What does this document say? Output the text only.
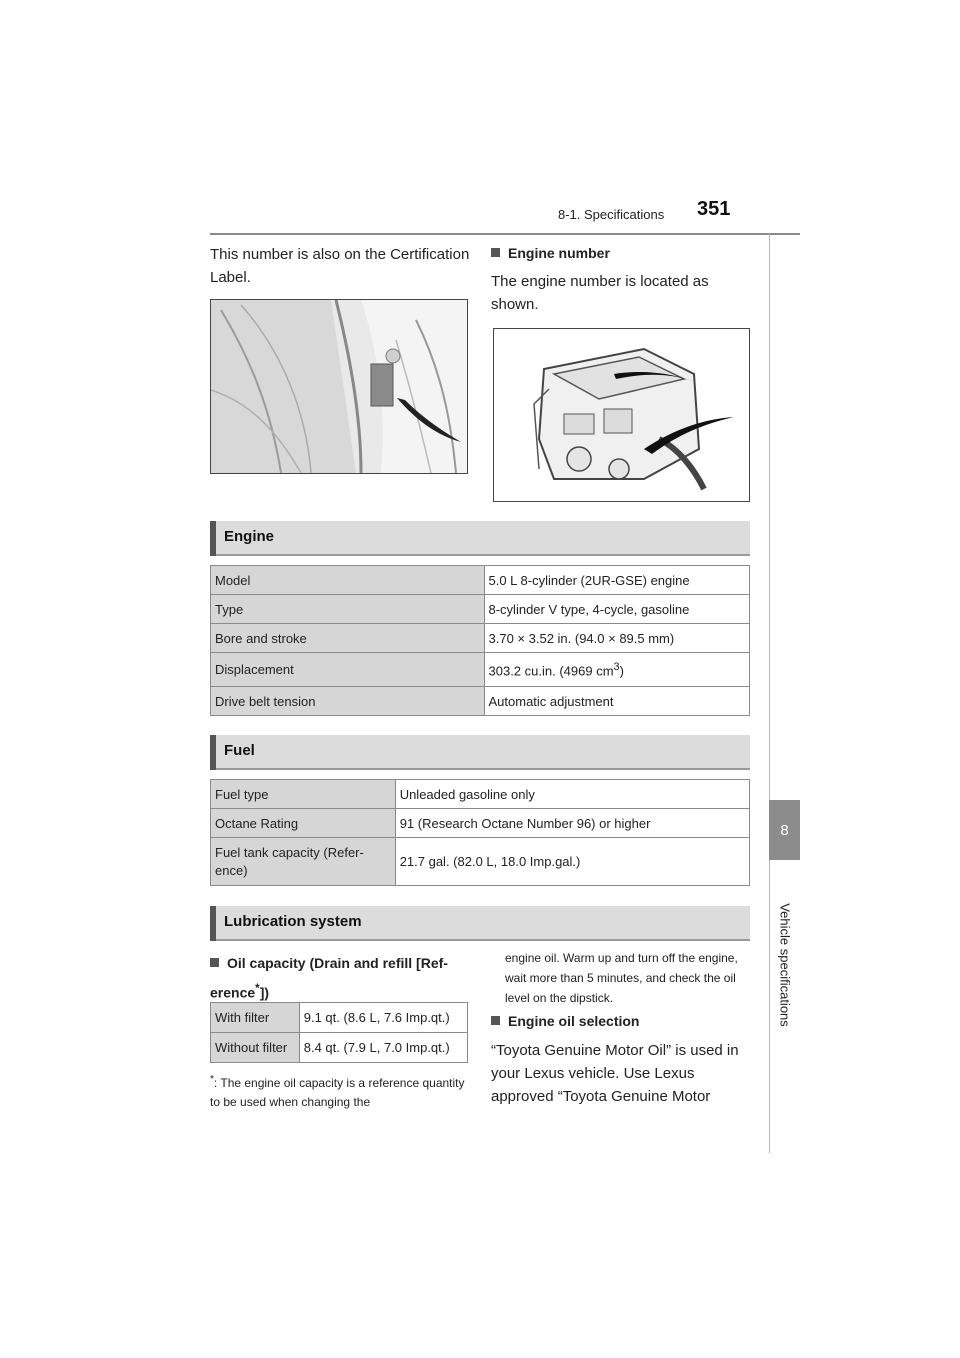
8-1. Specifications 351
8
Vehicle specifications
This number is also on the Certification Label.
Engine number
The engine number is located as shown.
Engine
Model	5.0 L 8-cylinder (2UR-GSE) engine
Type	8-cylinder V type, 4-cycle, gasoline
Bore and stroke	3.70 × 3.52 in. (94.0 × 89.5 mm)
Displacement	303.2 cu.in. (4969 $cm^3$)
Drive belt tension	Automatic adjustment
Fuel
Fuel type	Unleaded gasoline only
Octane Rating	91 (Research Octane Number 96) or higher
Fuel tank capacity (Refer-ence)	21.7 gal. (82.0 L, 18.0 Imp.gal.)
Lubrication system
Oil capacity (Drain and refill [Ref-erence*])
With filter	9.1 qt. (8.6 L, 7.6 Imp.qt.)
Without filter	8.4 qt. (7.9 L, 7.0 Imp.qt.)
*: The engine oil capacity is a reference quantity to be used when changing the
engine oil. Warm up and turn off the engine, wait more than 5 minutes, and check the oil level on the dipstick.
Engine oil selection
“Toyota Genuine Motor Oil” is used in your Lexus vehicle. Use Lexus approved “Toyota Genuine Motor
